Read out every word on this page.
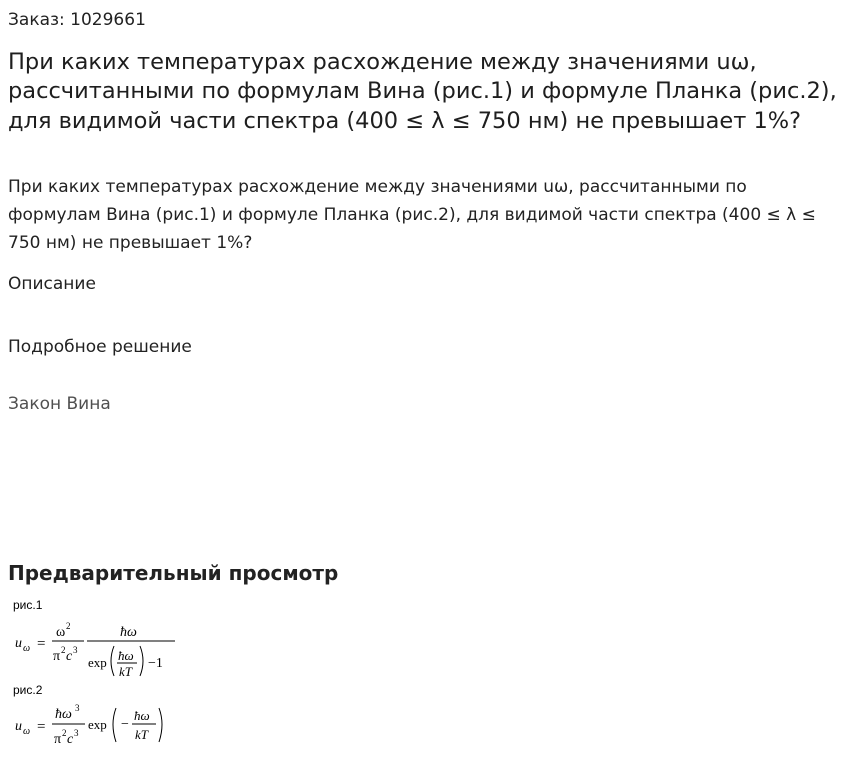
Заказ: 1029661
При каких температурах расхождение между значениями uω, рассчитанными по формулам Вина (рис.1) и формуле Планка (рис.2), для видимой части спектра (400 ≤ λ ≤ 750 нм) не превышает 1%?

При каких температурах расхождение между значениями uω, рассчитанными по формулам Вина (рис.1) и формуле Планка (рис.2), для видимой части спектра (400 ≤ λ ≤ 750 нм) не превышает 1%?

Описание
Подробное решение
Закон Вина
Предварительный просмотр
рис.1
u ω =
ω 2
π 2 c 3
ħω
exp ħω
kT
−1
рис.2
u ω =
ħω 3
π 2 c 3
exp −
ħω
kT
